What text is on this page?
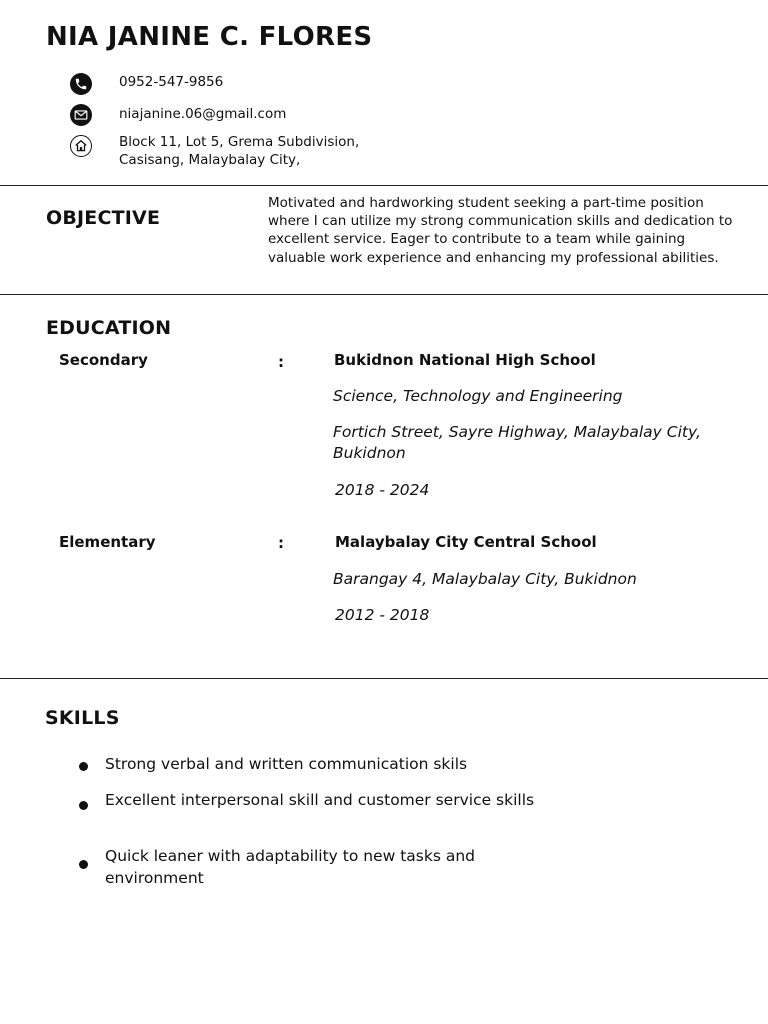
NIA JANINE C. FLORES
0952-547-9856
niajanine.06@gmail.com
Block 11, Lot 5, Grema Subdivision,
Casisang, Malaybalay City,
OBJECTIVE
Motivated and hardworking student seeking a part-time position where I can utilize my strong communication skills and dedication to excellent service. Eager to contribute to a team while gaining valuable work experience and enhancing my professional abilities.
EDUCATION
Secondary	:	Bukidnon National High School
Science, Technology and Engineering
Fortich Street, Sayre Highway, Malaybalay City, Bukidnon
2018 - 2024
Elementary	:	Malaybalay City Central School
Barangay 4, Malaybalay City, Bukidnon
2012 - 2018
SKILLS
Strong verbal and written communication skils
Excellent interpersonal skill and customer service skills
Quick leaner with adaptability to new tasks and environment
